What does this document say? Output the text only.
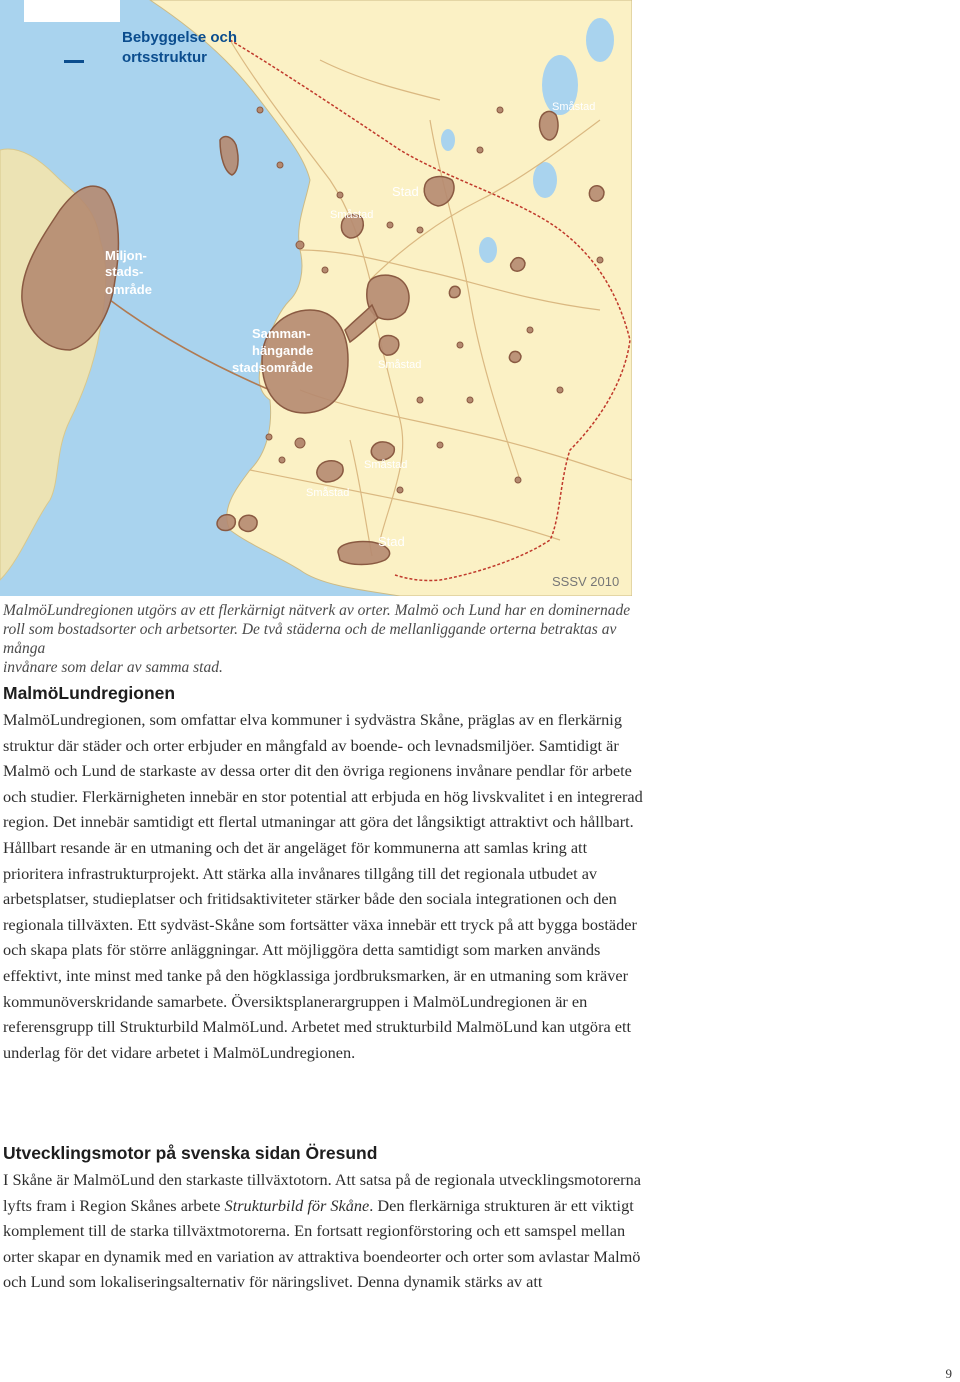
Bebyggelse och
ortsstruktur
Småstad
Stad
Småstad
Miljon-
stads-
område
Samman-
hängande
stadsområde	Småstad
Småstad
Småstad
Stad
SSSV 2010

MalmöLundregionen utgörs av ett flerkärnigt nätverk av orter. Malmö och Lund har en dominernade

roll som bostadsorter och arbetsorter. De två städerna och de mellanliggande orterna betraktas av många

invånare som delar av samma stad.

MalmöLundregionen

MalmöLundregionen, som omfattar elva kommuner i sydvästra Skåne, präglas av en flerkärnig struktur där städer och orter erbjuder en mångfald av boende- och levnadsmiljöer. Samtidigt är Malmö och Lund de starkaste av dessa orter dit den övriga regionens invånare pendlar för arbete och studier. Flerkärnigheten innebär en stor potential att erbjuda en hög livskvalitet i en integrerad region. Det innebär samtidigt ett flertal utmaningar att göra det långsiktigt attraktivt och hållbart. Hållbart resande är en utmaning och det är angeläget för kommunerna att samlas kring att prioritera infrastrukturprojekt. Att stärka alla invånares tillgång till det regionala utbudet av arbetsplatser, studieplatser och fritidsaktiviteter stärker både den sociala integrationen och den regionala tillväxten. Ett sydväst-Skåne som fortsätter växa innebär ett tryck på att bygga bostäder och skapa plats för större anläggningar. Att möjliggöra detta samtidigt som marken används effektivt, inte minst med tanke på den högklassiga jordbruksmarken, är en utmaning som kräver kommunöverskridande samarbete. Översiktsplanerargruppen i MalmöLundregionen är en referensgrupp till Strukturbild MalmöLund. Arbetet med strukturbild MalmöLund kan utgöra ett underlag för det vidare arbetet i MalmöLundregionen.

Utvecklingsmotor på svenska sidan Öresund

I Skåne är MalmöLund den starkaste tillväxtotorn. Att satsa på de regionala utvecklingsmotorerna lyfts fram i Region Skånes arbete Strukturbild för Skåne. Den flerkärniga strukturen är ett viktigt komplement till de starka tillväxtmotorerna. En fortsatt regionförstoring och ett samspel mellan orter skapar en dynamik med en variation av attraktiva boendeorter och orter som avlastar Malmö och Lund som lokaliseringsalternativ för näringslivet. Denna dynamik stärks av att

9
